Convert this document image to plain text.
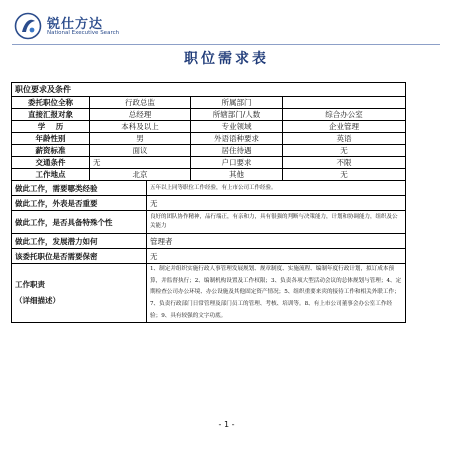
锐仕方达
National Executive Search
职位需求表
职位要求及条件				
委托职位全称	行政总监		所属部门	
直接汇报对象	总经理		所辖部门/人数	综合办公室
学    历	本科及以上		专业领域	企业管理
年龄性别	男		外语语种要求	英语
薪资标准	面议		居住待遇	无
交通条件	无		户口要求	不限
工作地点	北京		其他	无
做此工作，需要哪类经验		五年以上同等职位工作经验，有上市公司工作经验。		
做此工作，外表是否重要		无		
做此工作，是否具备特殊个性		良好的团队协作精神，品行端正，有亲和力，具有很强的判断与决策能力，计划和协调能力，组织及公关能力		
做此工作，发展潜力如何		管理者		
该委托职位是否需要保密		无		

工作职责
（详细描述）		1、制定并组织实施行政人事管理发展规划、规章制度、实施流程、编制年度行政计划，拟订成本预算，并监督执行；2、编制机构设置及工作权限；3、负责各项大型活动会议的总体规划与管理；4、定期检查公司办公环境、办公设施及其他固定资产情况；5、组织重要来宾的接待工作和相关外联工作；7、负责行政部门日常管理及部门员工的管理、考核、培训等。8、有上市公司董事会办公室工作经验；9、具有较强的文字功底。		
- 1 -
